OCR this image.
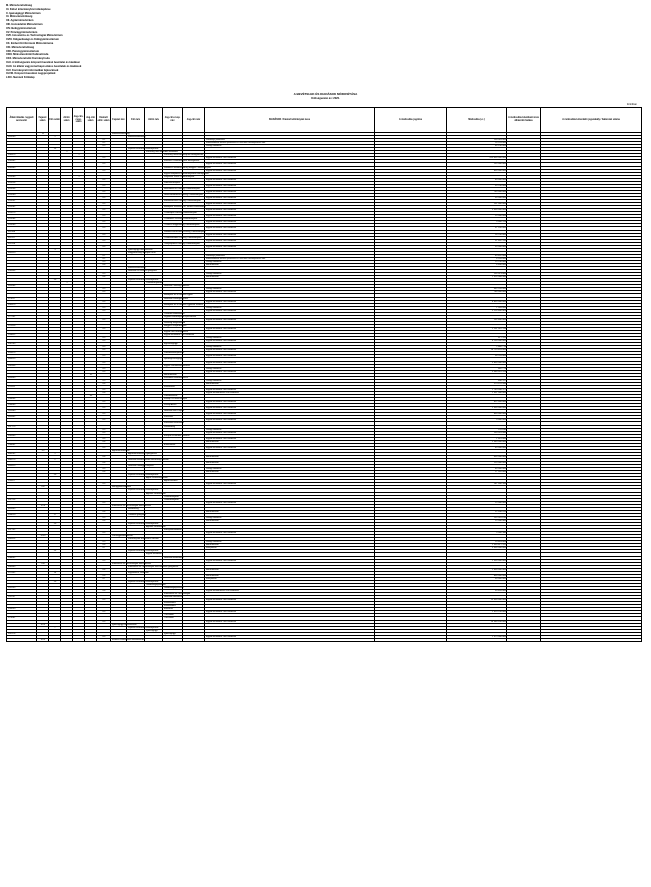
M. Miniszterelnökség
XI. Külső intézményközi áttelepítése
X. Igazságügyi Minisztérium
XI. Miniszterelnökség
XII. Agrárminisztérium
XIII. Honvédelmi Minisztérium
XIV. Belügyminisztérium
XV. Pénzügyminisztérium
XVII. Innovációs és Technológiai Minisztérium
XVIII. Külgazdasági és Külügyminisztérium
XX. Emberi Erőforrások Minisztériuma
XXI. Miniszterelnökség
XXII. Pénzügyminisztérium
XXIII. Miniszterelnöki Kabinetiroda
XXX. Miniszterelnöki Kormányiroda
XLII. A költségvetés központi kezelésű bevételei és kiadásai
XLIII. Az állami vagyonnal kapcsolatos bevételek és kiadások
XLV. Kormányzati informatikai fejlesztések
XLVIII. Központi kezelésű nagyprojektek
LXIX. Nemzeti Földalap
A BEVÉTELEK ÉS KIADÁSOK MÓDOSÍTÁSA
Költségvetési év: 2020.
forintban
Állami kiadás / egyedi azonosító	Fejezet szám	Cím szám	Alcím szám	Jog-cím-csop. szám	Jog-cím szám	Kiemelt előir. szám	Fejezet név	Cím név	Alcím név	Jog-cím-csop. név	Jog-cím név	KIADÁSOK / Kiemelt előirányzat neve	A módosítás jogcíme	Módosítás (+/-)	A módosítás következő évre áthúzódó hatása	A módosítást elrendelő jogszabály / határozat száma
	XI						Miniszterelnökség									
001009		1						Miniszterelnökség								
						K1						Személyi juttatások		104 383 000		
						K2						Munkaadókat terhelő járulékok és szociális hozzájárulási adó		18 233 000		
						K3						Dologi kiadások		46 130 000		
		15						Fejezeti kezelésű előirányzatok								
			2						Kormány által elrendelt feladatok							
350973				1						Kormány döntésen alapuló támogatások						
						K5						Egyéb működési célú kiadások		-110 000 000 000		
350962										Fővárosi Önkormányzat támogatása						
						K5						Egyéb működési célú kiadások		135 000 000		
350963										Szabolcs-Szatmár-Bereg Megyei Önkormányzat						
						K5						Egyéb működési célú kiadások		800 000 000		
										Egyes települési önkormányzatok támogatása						
351065				1						Szigetvár Város Önkormányzat						
						K5						Egyéb működési célú kiadások		60 000 000		
351026										Lánchíd felújítás						
						K5						Egyéb működési célú kiadások		55 700 000		
351036										Hernádvécse Község Önkormányzat						
						K5						Egyéb működési célú kiadások		760 000 000		
351040										Nemesnádudvar Község Önkormányzat						
						K5						Egyéb működési célú kiadások		90 000 000		
351051										Murakeresztúr Község Önkormányzat						
						K5						Egyéb működési célú kiadások		131 000 000		
351062										Budapest Főváros VIII. kerület Józsefváros						
						K5						Egyéb működési célú kiadások		3 500 000 000		
351073										Tiszaalpár Község Önkormányzat						
						K5						Egyéb működési célú kiadások		25 000 000		
351084										Tiszaderzs Község Önkormányzat						
						K5						Egyéb működési célú kiadások		5 000 704		
351095										Tiszalúc Nagyközség Önkormányzat						
						K5						Egyéb működési célú kiadások		57 100 000		
351106										Szabolcsveresmart Község Önkormányzat						
						K5						Egyéb működési célú kiadások		28 700 000		
351117										Tiszaszentimre Község Önkormányzat						
						K5						Egyéb működési célú kiadások		31 802 700		
351128										Tornyospálca Község Önkormányzat						
						K5						Egyéb működési célú kiadások		50 000 000		
		3						Igazságügyi Minisztérium								
360420								Magyarországi Európai Unió								
						K1						Személyi juttatások		40 452 000		
						K2						Munkaadókat terhelő járulékok és szociális hozzájárulási adó		6 245 000		
						K3						Dologi kiadások		15 790 000		
						K6						Beruházások		6 456 000		
								Miniszterelnökség								
350934								Nemzeti és európai igazgatás								
						K3						Dologi kiadások		205 513 000		
						K6						Beruházások		2 528 988 940		
		20						Fejezeti kezelésű előirányzatok								
			1						Célelőirányzatok							
001664										Nemzeti Örökség Intézete						
						K3						Dologi kiadások		465 245 000		
						K5						Egyéb működési célú kiadások		748 000 000		
										Budapest és a Kiemelt Ügyek						
275017										Nemzeti Kastélyprogram						
						K5						Egyéb működési célú kiadások		8 850 000 000		
350973										Budapest és a Kiemelt Ügyekért Felelős						
						K3						Dologi kiadások		1 995 000		
						K5						Egyéb működési célú kiadások		3 226 890 463		
										Centrális közlekedési						
277201										Digitális kormányzati fejlesztések						
						K5						Egyéb működési célú kiadások		102 890 000		
										Jelenleg megvalósuló						
270528										Bölgyés Gályó/Bölgyés						
						K5						Egyéb működési célú kiadások		2 201 910 154		
										Egyéb célú támogatások						
293812										Egyéb működési célú kiadások						
						K3						Dologi kiadások		877 762		
						K5						Egyéb működési célú kiadások		8 104 000 000		
350743										Egészségügyi						
						K3						Dologi kiadások		2 660 713		
						K5						Egyéb működési célú kiadások		18 724 633 000		
393473										Vállalkozásfejlesztés						
						K5						Egyéb működési célú kiadások		38 765 000		
360623										Sportegészségügyi						
						K5						Egyéb működési célú kiadások		3 600 000 000		
394336										Egyes szerkezetátalakítási						
						K3						Dologi kiadások		662 773		
						K5						Egyéb működési célú kiadások		3 548 970 376		
					31					Beruházások						
393493										Közvetlen közbeszerzési						
						K3						Dologi kiadások		406 317		
						K6						Beruházások		273 131 260		
276511										Közhasznú						
						K5						Egyéb működési célú kiadások		1 763 348 377		
						K8						Egyéb felhalmozási célú kiadások		1 331 000 000		
					43					Vállalkozások						
294694										Közép- és kelet-európai						
						K5						Egyéb működési célú kiadások		822 950 000		
294695										Közép-Ázsia						
						K5						Egyéb működési célú kiadások		1 300 000 000		
365989										Nemzeti Mini Projekt						
						K5						Egyéb működési célú kiadások		650 000 000		
365902										Kulturális						
						K5						Egyéb működési célú kiadások		5 000 000		
										Kulturális fesztiválok						
347773										Szabadság						
						K3						Dologi kiadások		124 630		
						K5						Egyéb működési célú kiadások		294 978 440		
350505										Európai Kulturális Főváros						
						K5						Egyéb működési célú kiadások		1 461 000		
						K6						Beruházások		2 364 000 000		
294691										A közvetlen						
						K5						Egyéb működési célú kiadások		40 000 000		
	XII						Agrárminisztérium									
004292		1						Agrárminisztérium igazgatása								
						K6						Beruházások		400 000 000		
004273		2						Nemzeti Élelmiszerlánc-biztonsági Hivatal								
						K6						Beruházások		120 000 000		
005413								Nemzeti Földügyi Központ								
						K3						Dologi kiadások		60 000 000		
						K6						Beruházások		17 320 000		
		20						Fejezeti kezelésű előirányzatok								
									Agrár-célelőirányzatok							
228477										Agrárszakmai						
						K5						Egyéb működési célú kiadások		187 500 100		
	XIV						Belügyminisztérium									
								Fejezeti kezelésű előirányzatok								
									Ágazati célfeladatok							
										Önkormányzati						
302724										Önkormányzati						
						K5						Egyéb működési célú kiadások		15 000 000		
	XVII						Innovációs és Technológiai Minisztérium									
001893								Rendőrség								
						K6						Beruházások		22 536 970		
309019		17						Védelmi igazgatás								
						K3						Dologi kiadások		155 316 610		
						K6						Beruházások		25 946 460		
		20						Fejezeti kezelésű előirányzatok								
									Ágazati célfeladatok							
347752										Környezetvédelmi						
						K5						Egyéb működési célú kiadások		5 000 380		
	XVIII						Pénzügyminisztérium									
000914								Kormányzati Ellenőrzési Hivatal								
						K3						Dologi kiadások		10 853 006		
						K6						Beruházások		2 503 417 781		
						K7						Felújítások		3 300 000 000		
		25						Fejezeti kezelésű előirányzatok								
									Egyéb feladatok							
298692										Nemzeti Befektetési						
						K5						Egyéb működési célú kiadások		1 300 000 000		
	XXI						Innovációs és Technológiai Minisztérium									
000903								Innovációs és Technológiai Minisztérium igazgatása								
						K6						Beruházások		1 000 000 000		
227842		14						Egyetemek, főiskolák								
						K6						Beruházások		800 000 000		
						K7						Felújítások		50 000 000		
		20						Fejezeti kezelésű előirányzatok								
									Gazdaságfejlesztési							
293133										Gazdaságfejlesztési						
						K8						Egyéb felhalmozási célú kiadások		50 635 000		
										Innovációs és Technológiai						
203757										Nemzeti Innovációs						
						K5						Egyéb működési célú kiadások		15 500 000 000		
										Közlekedési						
										Közlekedési						
350650										Elővárosi						
						K5						Egyéb működési célú kiadások		1 919 750 000		
										Turisztikai						
275081										Turisztikai						
						K5						Egyéb működési célú kiadások		14 348 100 000		
	XXV						Igazságügyi Minisztérium									
		7						Fejezeti kezelésű előirányzatok								
									Igazságügyi							
026176										Igazságügyi						
						K5						Egyéb működési célú kiadások		1 373 000 000		
	XXX						Emberi Erőforrások Minisztériuma									
